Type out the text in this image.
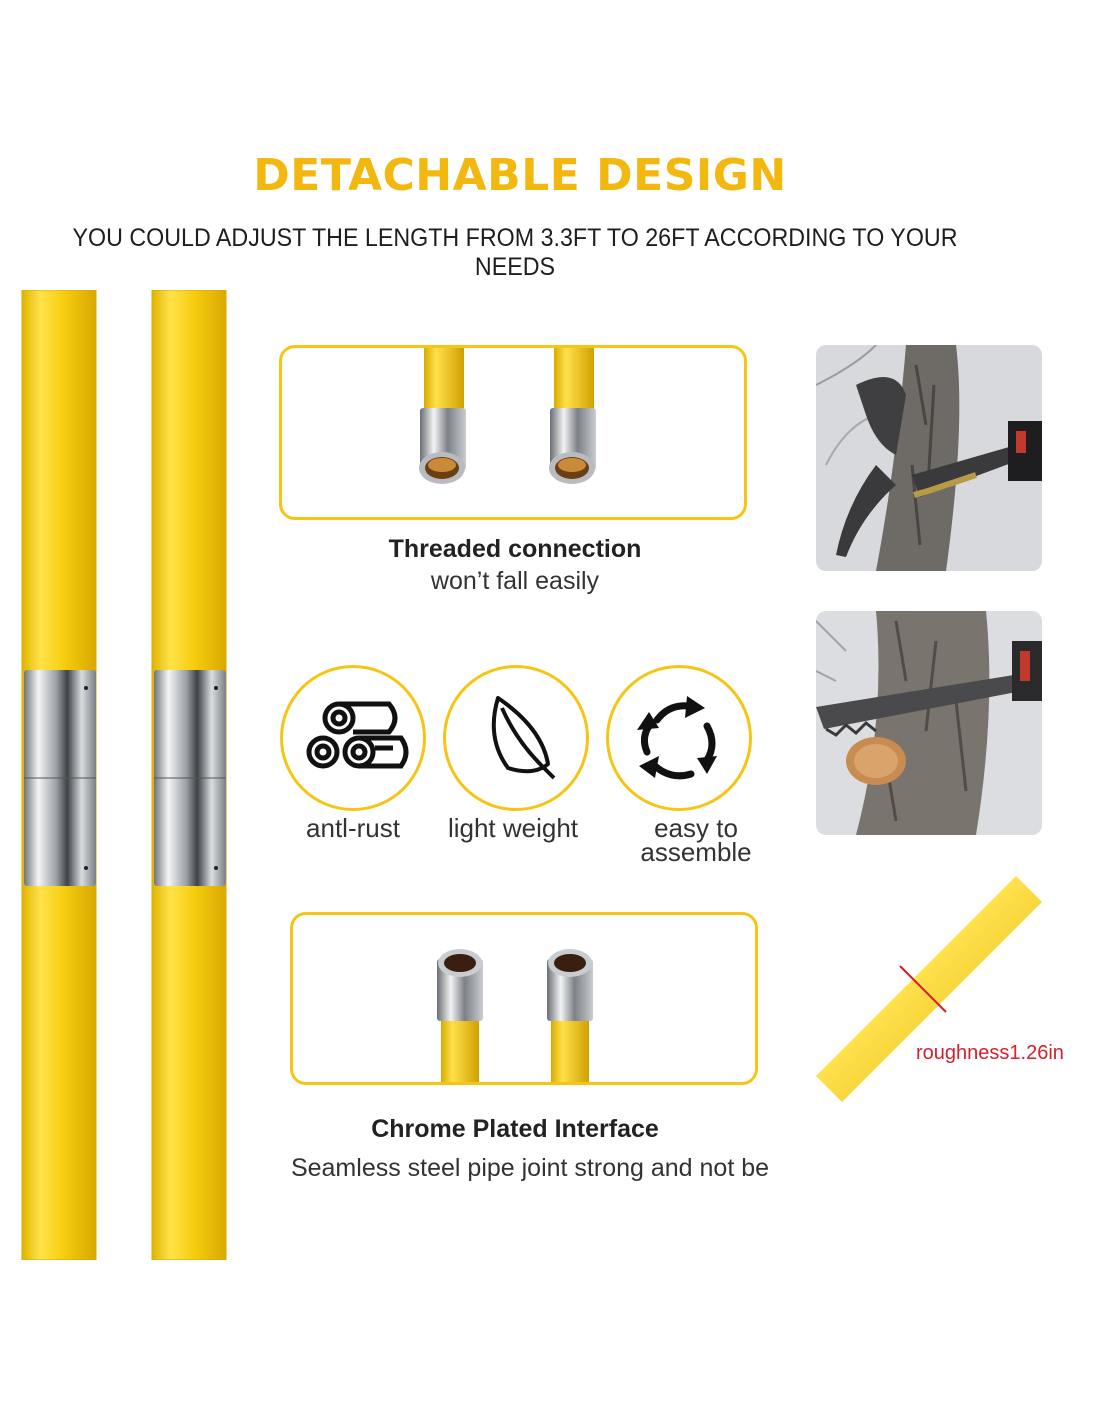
DETACHABLE DESIGN
YOU COULD ADJUST THE LENGTH FROM 3.3FT TO 26FT ACCORDING TO YOUR NEEDS
Threaded connection
won’t fall easily
antl-rust	light weight	easy to assemble
Chrome Plated Interface
Seamless steel pipe joint strong and not be
roughness1.26in
